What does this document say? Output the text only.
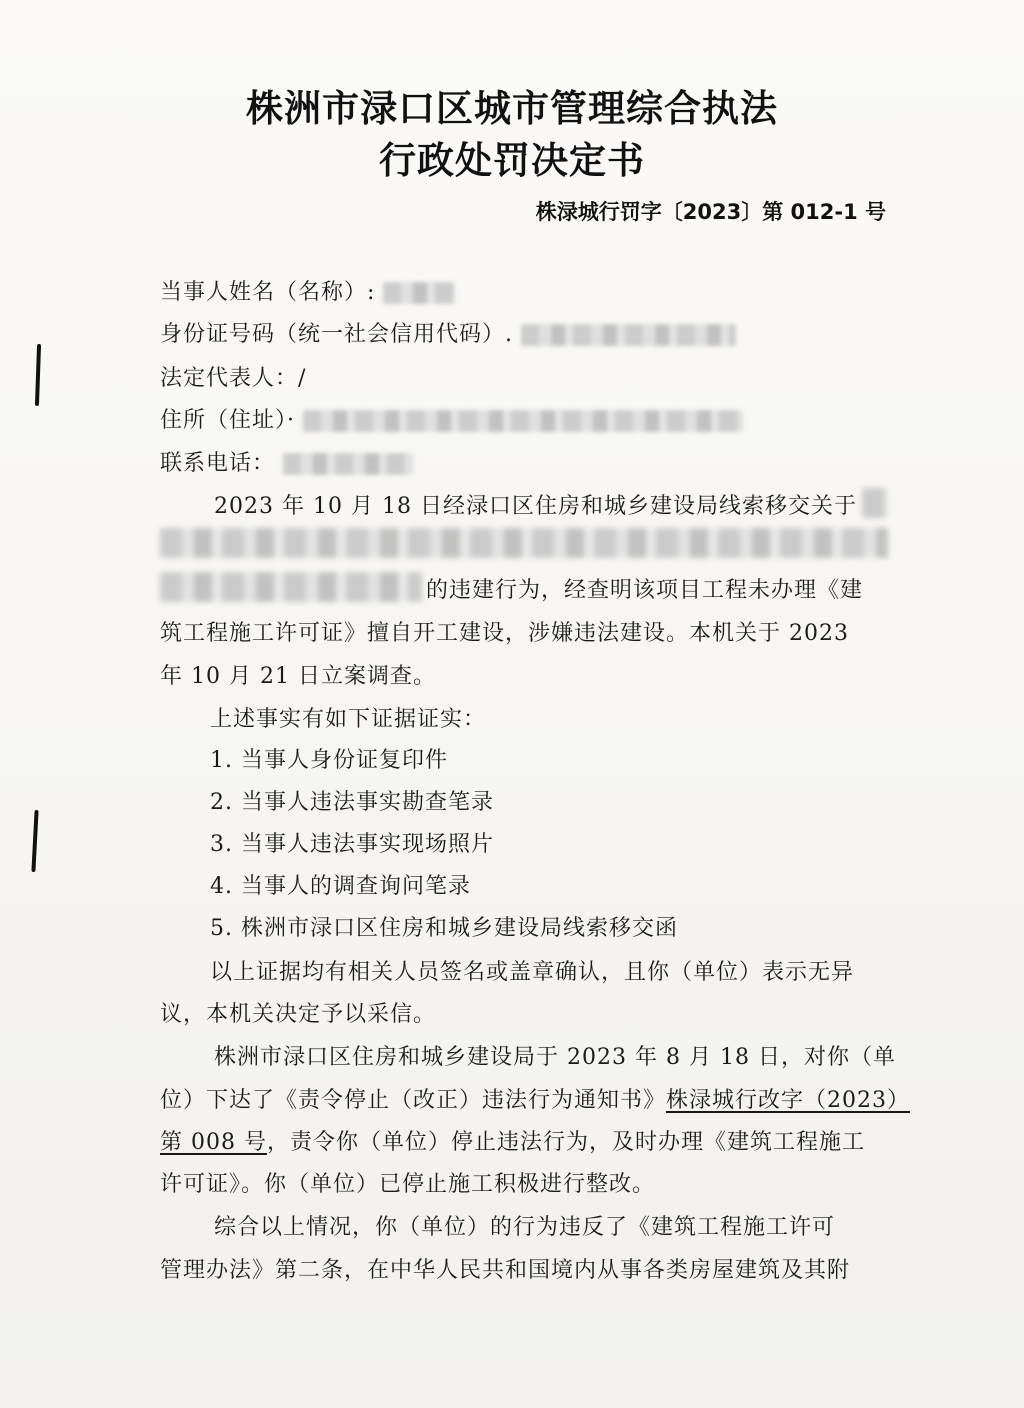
株洲市渌口区城市管理综合执法
行政处罚决定书
株渌城行罚字〔2023〕第 012-1 号
当事人姓名（名称）:
身份证号码（统一社会信用代码）.
法定代表人：/
住所（住址）·
联系电话：
2023 年 10 月 18 日经渌口区住房和城乡建设局线索移交关于
的违建行为，经查明该项目工程未办理《建
筑工程施工许可证》擅自开工建设，涉嫌违法建设。本机关于 2023
年 10 月 21 日立案调查。
上述事实有如下证据证实：
1. 当事人身份证复印件
2. 当事人违法事实勘查笔录
3. 当事人违法事实现场照片
4. 当事人的调查询问笔录
5. 株洲市渌口区住房和城乡建设局线索移交函
以上证据均有相关人员签名或盖章确认，且你（单位）表示无异
议，本机关决定予以采信。
株洲市渌口区住房和城乡建设局于 2023 年 8 月 18 日，对你（单
位）下达了《责令停止（改正）违法行为通知书》株渌城行改字（2023）
第 008 号，责令你（单位）停止违法行为，及时办理《建筑工程施工
许可证》。你（单位）已停止施工积极进行整改。
综合以上情况，你（单位）的行为违反了《建筑工程施工许可
管理办法》第二条，在中华人民共和国境内从事各类房屋建筑及其附
